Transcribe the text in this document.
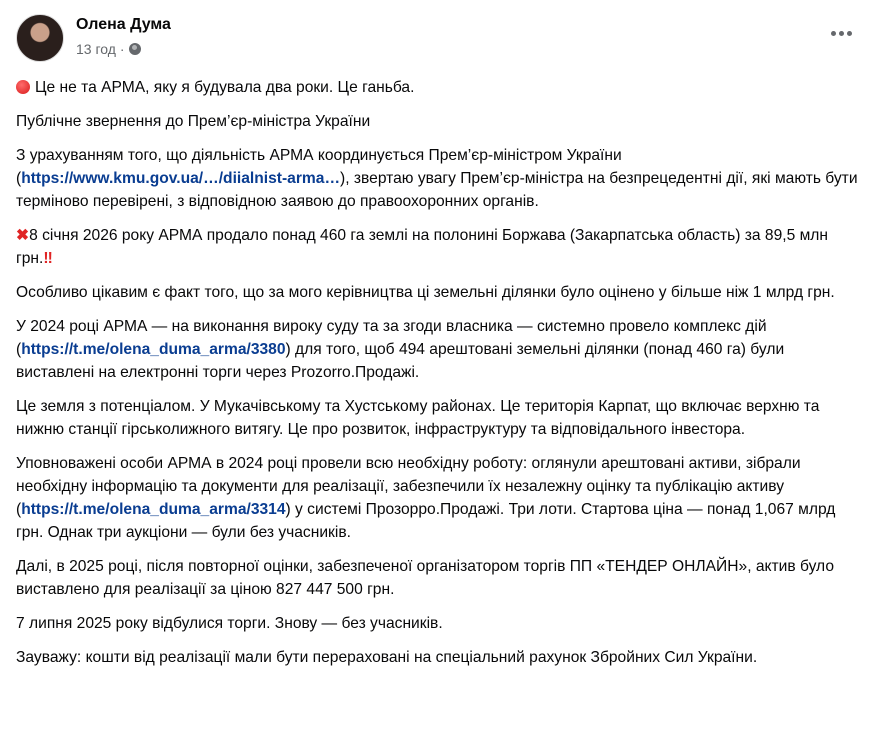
Олена Дума
13 год ·

Це не та АРМА, яку я будувала два роки. Це ганьба.

Публічне звернення до Прем’єр-міністра України

З урахуванням того, що діяльність АРМА координується Прем’єр-міністром України (https://www.kmu.gov.ua/…/diialnist-arma…), звертаю увагу Прем’єр-міністра на безпрецедентні дії, які мають бути терміново перевірені, з відповідною заявою до правоохоронних органів.

✖8 січня 2026 року АРМА продало понад 460 га землі на полонині Боржава (Закарпатська область) за 89,5 млн грн.‼

Особливо цікавим є факт того, що за мого керівництва ці земельні ділянки було оцінено у більше ніж 1 млрд грн.

У 2024 році АРМА — на виконання вироку суду та за згоди власника — системно провело комплекс дій (https://t.me/olena_duma_arma/3380) для того, щоб 494 арештовані земельні ділянки (понад 460 га) були виставлені на електронні торги через Prozorro.Продажі.

Це земля з потенціалом. У Мукачівському та Хустському районах. Це територія Карпат, що включає верхню та нижню станції гірськолижного витягу. Це про розвиток, інфраструктуру та відповідального інвестора.

Уповноважені особи АРМА в 2024 році провели всю необхідну роботу: оглянули арештовані активи, зібрали необхідну інформацію та документи для реалізації, забезпечили їх незалежну оцінку та публікацію активу (https://t.me/olena_duma_arma/3314) у системі Прозорро.Продажі. Три лоти. Стартова ціна — понад 1,067 млрд грн. Однак три аукціони — були без учасників.

Далі, в 2025 році, після повторної оцінки, забезпеченої організатором торгів ПП «ТЕНДЕР ОНЛАЙН», актив було виставлено для реалізації за ціною 827 447 500 грн.

7 липня 2025 року відбулися торги. Знову — без учасників.

Зауважу: кошти від реалізації мали бути перераховані на спеціальний рахунок Збройних Сил України.
